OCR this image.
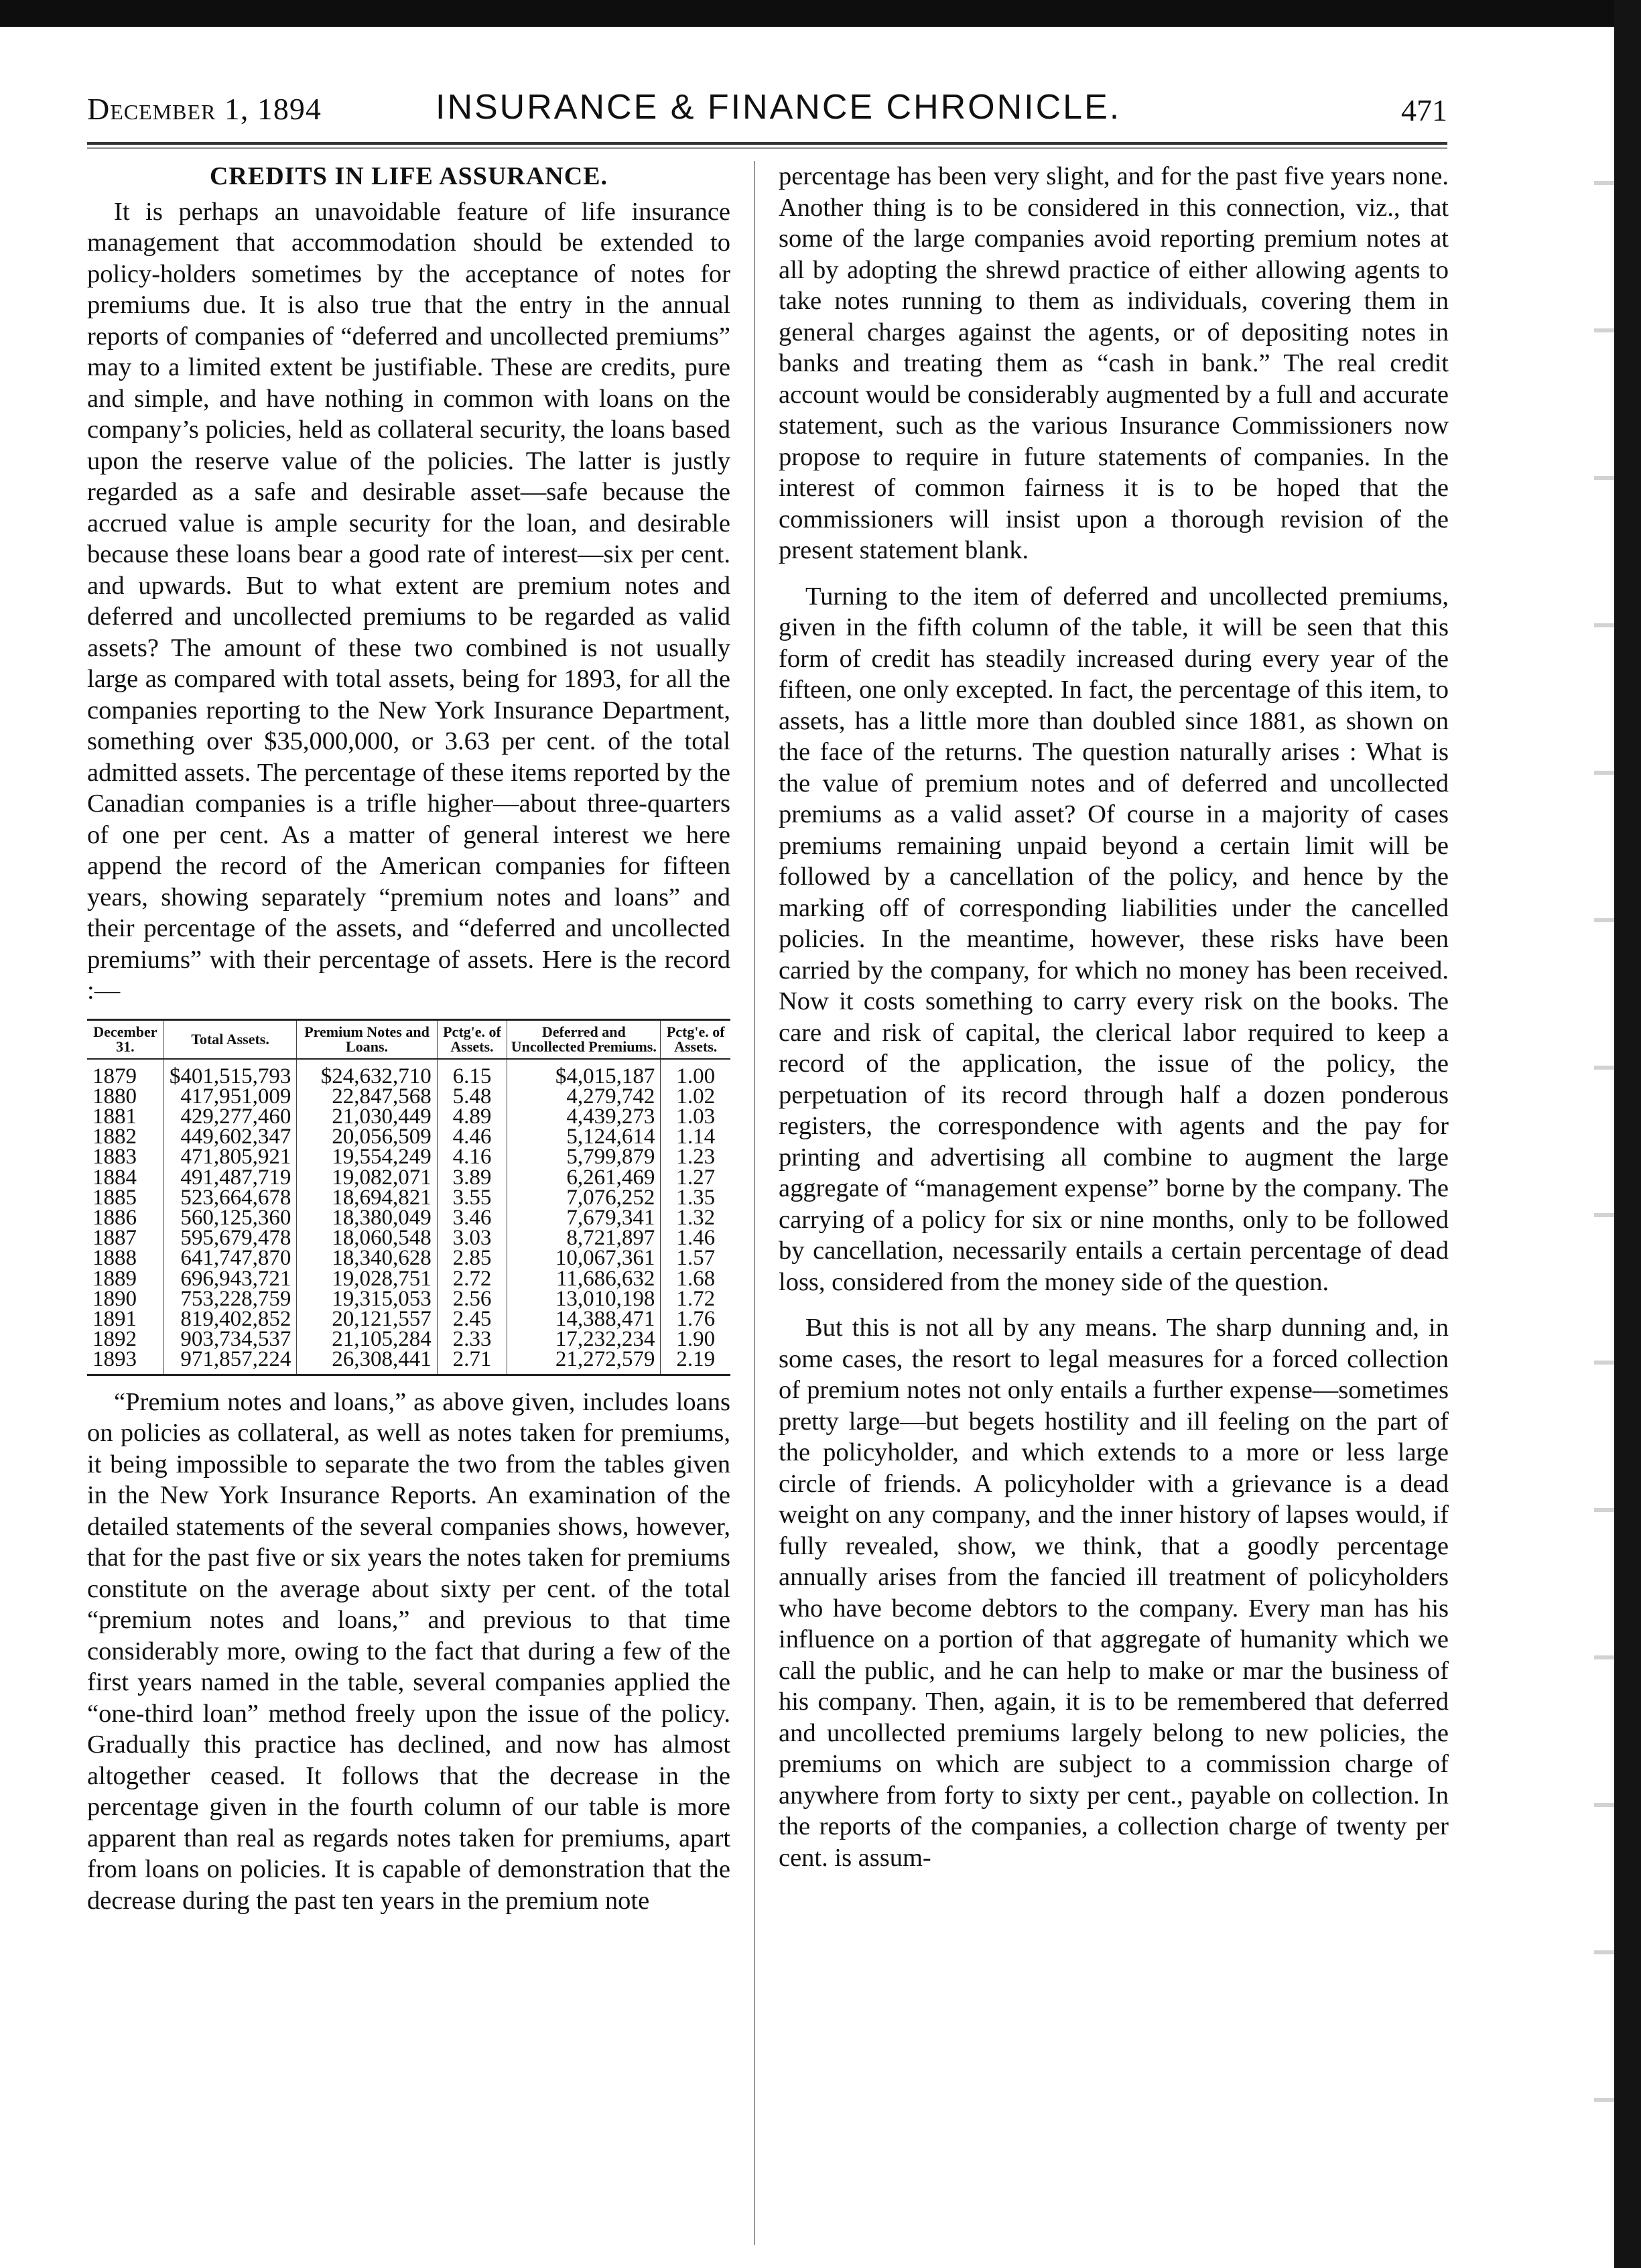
December 1, 1894	INSURANCE & FINANCE CHRONICLE.	471
CREDITS IN LIFE ASSURANCE.

It is perhaps an unavoidable feature of life insurance management that accommodation should be extended to policy-holders sometimes by the acceptance of notes for premiums due. It is also true that the entry in the annual reports of companies of “deferred and uncollected premiums” may to a limited extent be justifiable. These are credits, pure and simple, and have nothing in common with loans on the company’s policies, held as collateral security, the loans based upon the reserve value of the policies. The latter is justly regarded as a safe and desirable asset—safe because the accrued value is ample security for the loan, and desirable because these loans bear a good rate of interest—six per cent. and upwards. But to what extent are premium notes and deferred and uncollected premiums to be regarded as valid assets? The amount of these two combined is not usually large as compared with total assets, being for 1893, for all the companies reporting to the New York Insurance Department, something over $35,000,000, or 3.63 per cent. of the total admitted assets. The percentage of these items reported by the Canadian companies is a trifle higher—about three-quarters of one per cent. As a matter of general interest we here append the record of the American companies for fifteen years, showing separately “premium notes and loans” and their percentage of the assets, and “deferred and uncollected premiums” with their percentage of assets. Here is the record :—

December 31.	Total Assets.	Premium Notes and Loans.	Pctg'e. of Assets.	Deferred and Uncollected Premiums.	Pctg'e. of Assets.
1879	$401,515,793	$24,632,710	6.15	$4,015,187	1.00
1880	417,951,009	22,847,568	5.48	4,279,742	1.02
1881	429,277,460	21,030,449	4.89	4,439,273	1.03
1882	449,602,347	20,056,509	4.46	5,124,614	1.14
1883	471,805,921	19,554,249	4.16	5,799,879	1.23
1884	491,487,719	19,082,071	3.89	6,261,469	1.27
1885	523,664,678	18,694,821	3.55	7,076,252	1.35
1886	560,125,360	18,380,049	3.46	7,679,341	1.32
1887	595,679,478	18,060,548	3.03	8,721,897	1.46
1888	641,747,870	18,340,628	2.85	10,067,361	1.57
1889	696,943,721	19,028,751	2.72	11,686,632	1.68
1890	753,228,759	19,315,053	2.56	13,010,198	1.72
1891	819,402,852	20,121,557	2.45	14,388,471	1.76
1892	903,734,537	21,105,284	2.33	17,232,234	1.90
1893	971,857,224	26,308,441	2.71	21,272,579	2.19

“Premium notes and loans,” as above given, includes loans on policies as collateral, as well as notes taken for premiums, it being impossible to separate the two from the tables given in the New York Insurance Reports. An examination of the detailed statements of the several companies shows, however, that for the past five or six years the notes taken for premiums constitute on the average about sixty per cent. of the total “premium notes and loans,” and previous to that time considerably more, owing to the fact that during a few of the first years named in the table, several companies applied the “one-third loan” method freely upon the issue of the policy. Gradually this practice has declined, and now has almost altogether ceased. It follows that the decrease in the percentage given in the fourth column of our table is more apparent than real as regards notes taken for premiums, apart from loans on policies. It is capable of demonstration that the decrease during the past ten years in the premium note

percentage has been very slight, and for the past five years none. Another thing is to be considered in this connection, viz., that some of the large companies avoid reporting premium notes at all by adopting the shrewd practice of either allowing agents to take notes running to them as individuals, covering them in general charges against the agents, or of depositing notes in banks and treating them as “cash in bank.” The real credit account would be considerably augmented by a full and accurate statement, such as the various Insurance Commissioners now propose to require in future statements of companies. In the interest of common fairness it is to be hoped that the commissioners will insist upon a thorough revision of the present statement blank.

Turning to the item of deferred and uncollected premiums, given in the fifth column of the table, it will be seen that this form of credit has steadily increased during every year of the fifteen, one only excepted. In fact, the percentage of this item, to assets, has a little more than doubled since 1881, as shown on the face of the returns. The question naturally arises : What is the value of premium notes and of deferred and uncollected premiums as a valid asset? Of course in a majority of cases premiums remaining unpaid beyond a certain limit will be followed by a cancellation of the policy, and hence by the marking off of corresponding liabilities under the cancelled policies. In the meantime, however, these risks have been carried by the company, for which no money has been received. Now it costs something to carry every risk on the books. The care and risk of capital, the clerical labor required to keep a record of the application, the issue of the policy, the perpetuation of its record through half a dozen ponderous registers, the correspondence with agents and the pay for printing and advertising all combine to augment the large aggregate of “management expense” borne by the company. The carrying of a policy for six or nine months, only to be followed by cancellation, necessarily entails a certain percentage of dead loss, considered from the money side of the question.

But this is not all by any means. The sharp dunning and, in some cases, the resort to legal measures for a forced collection of premium notes not only entails a further expense—sometimes pretty large—but begets hostility and ill feeling on the part of the policyholder, and which extends to a more or less large circle of friends. A policyholder with a grievance is a dead weight on any company, and the inner history of lapses would, if fully revealed, show, we think, that a goodly percentage annually arises from the fancied ill treatment of policyholders who have become debtors to the company. Every man has his influence on a portion of that aggregate of humanity which we call the public, and he can help to make or mar the business of his company. Then, again, it is to be remembered that deferred and uncollected premiums largely belong to new policies, the premiums on which are subject to a commission charge of anywhere from forty to sixty per cent., payable on collection. In the reports of the companies, a collection charge of twenty per cent. is assum-
